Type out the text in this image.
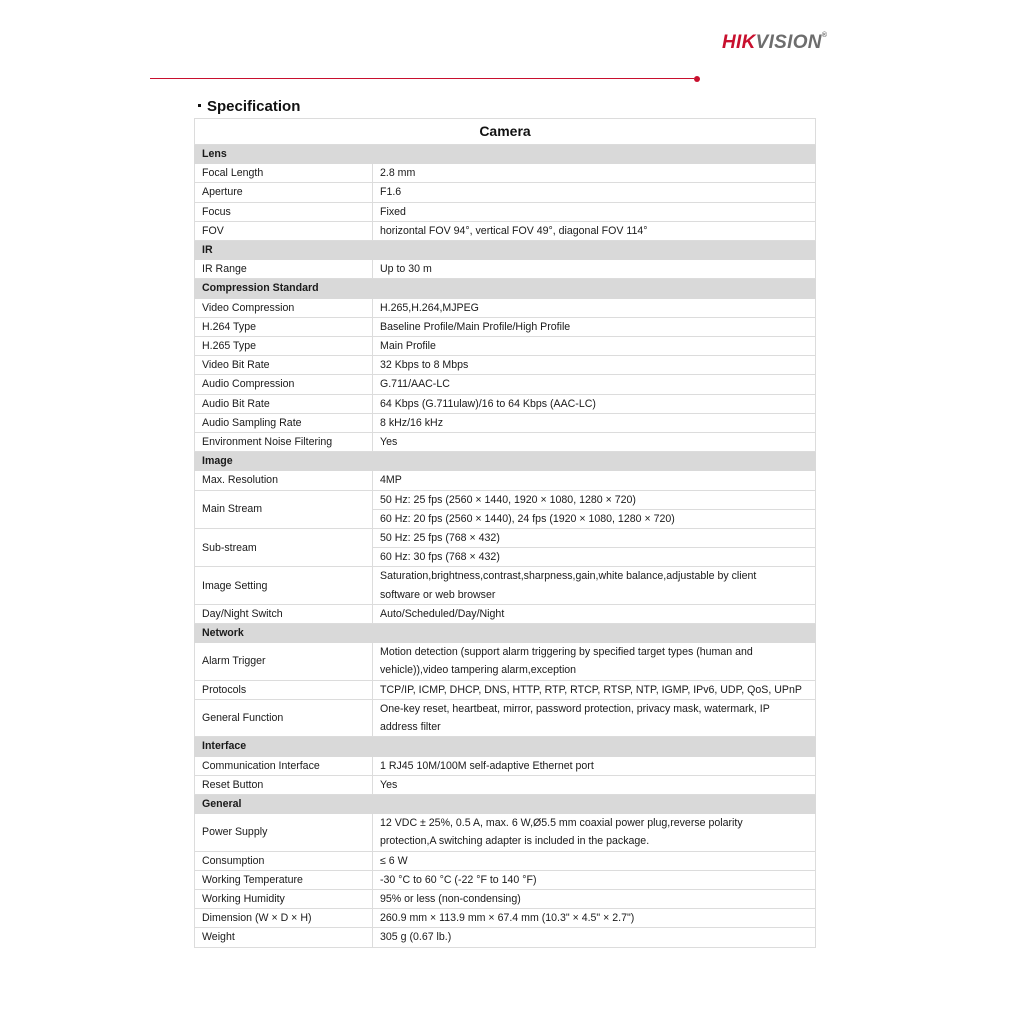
HIKVISION®
Specification
Camera	
Lens	
Focal Length	2.8 mm

Aperture	F1.6

Focus	Fixed

FOV	horizontal FOV 94°, vertical FOV 49°, diagonal FOV 114°

IR	
IR Range	Up to 30 m

Compression Standard	
Video Compression	H.265,H.264,MJPEG

H.264 Type	Baseline Profile/Main Profile/High Profile

H.265 Type	Main Profile

Video Bit Rate	32 Kbps to 8 Mbps

Audio Compression	G.711/AAC-LC

Audio Bit Rate	64 Kbps (G.711ulaw)/16 to 64 Kbps (AAC-LC)

Audio Sampling Rate	8 kHz/16 kHz

Environment Noise Filtering	Yes

Image	
Max. Resolution	4MP

Main Stream	50 Hz: 25 fps (2560 × 1440, 1920 × 1080, 1280 × 720)
60 Hz: 20 fps (2560 × 1440), 24 fps (1920 × 1080, 1280 × 720)

Sub-stream	50 Hz: 25 fps (768 × 432)
60 Hz: 30 fps (768 × 432)

Image Setting	Saturation,brightness,contrast,sharpness,gain,white balance,adjustable by client
software or web browser

Day/Night Switch	Auto/Scheduled/Day/Night

Network	
Alarm Trigger	Motion detection (support alarm triggering by specified target types (human and
vehicle)),video tampering alarm,exception

Protocols	TCP/IP, ICMP, DHCP, DNS, HTTP, RTP, RTCP, RTSP, NTP, IGMP, IPv6, UDP, QoS, UPnP

General Function	One-key reset, heartbeat, mirror, password protection, privacy mask, watermark, IP
address filter

Interface	
Communication Interface	1 RJ45 10M/100M self-adaptive Ethernet port

Reset Button	Yes

General	
Power Supply	12 VDC ± 25%, 0.5 A, max. 6 W,Ø5.5 mm coaxial power plug,reverse polarity
protection,A switching adapter is included in the package.

Consumption	≤ 6 W

Working Temperature	-30 °C to 60 °C (-22 °F to 140 °F)

Working Humidity	95% or less (non-condensing)

Dimension (W × D × H)	260.9 mm × 113.9 mm × 67.4 mm (10.3" × 4.5" × 2.7")

Weight	305 g (0.67 lb.)
